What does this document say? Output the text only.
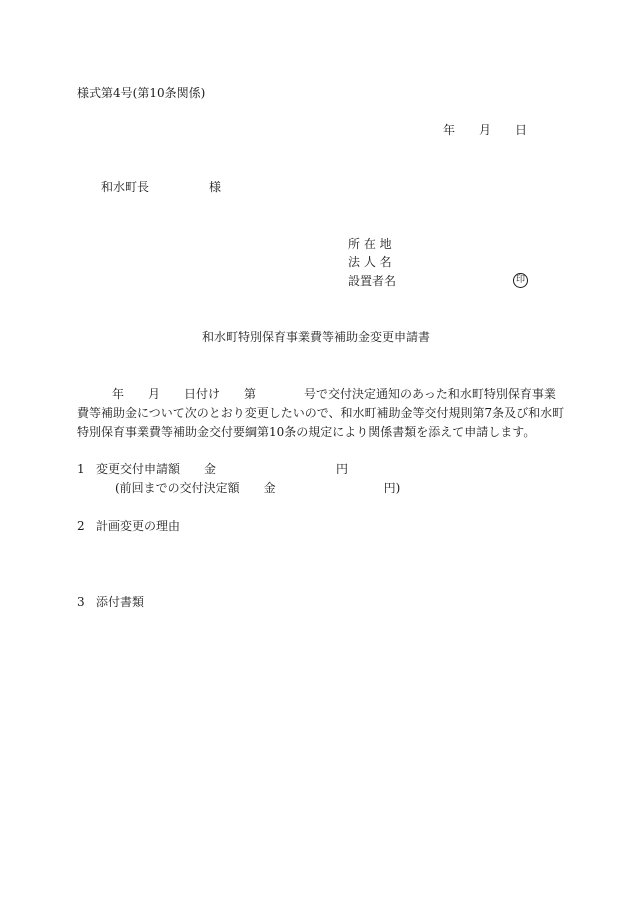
様式第4号(第10条関係)
年　　月　　日
和水町長　　　　　様
所 在 地
法 人 名
設置者名	印
和水町特別保育事業費等補助金変更申請書
年　　月　　日付け　　第　　　　号で交付決定通知のあった和水町特別保育事業
費等補助金について次のとおり変更したいので、和水町補助金等交付規則第7条及び和水町
特別保育事業費等補助金交付要綱第10条の規定により関係書類を添えて申請します。
1 変更交付申請額　　金　　　　　　　　　　円
(前回までの交付決定額　　金　　　　　　　　　円)
2 計画変更の理由
3 添付書類
